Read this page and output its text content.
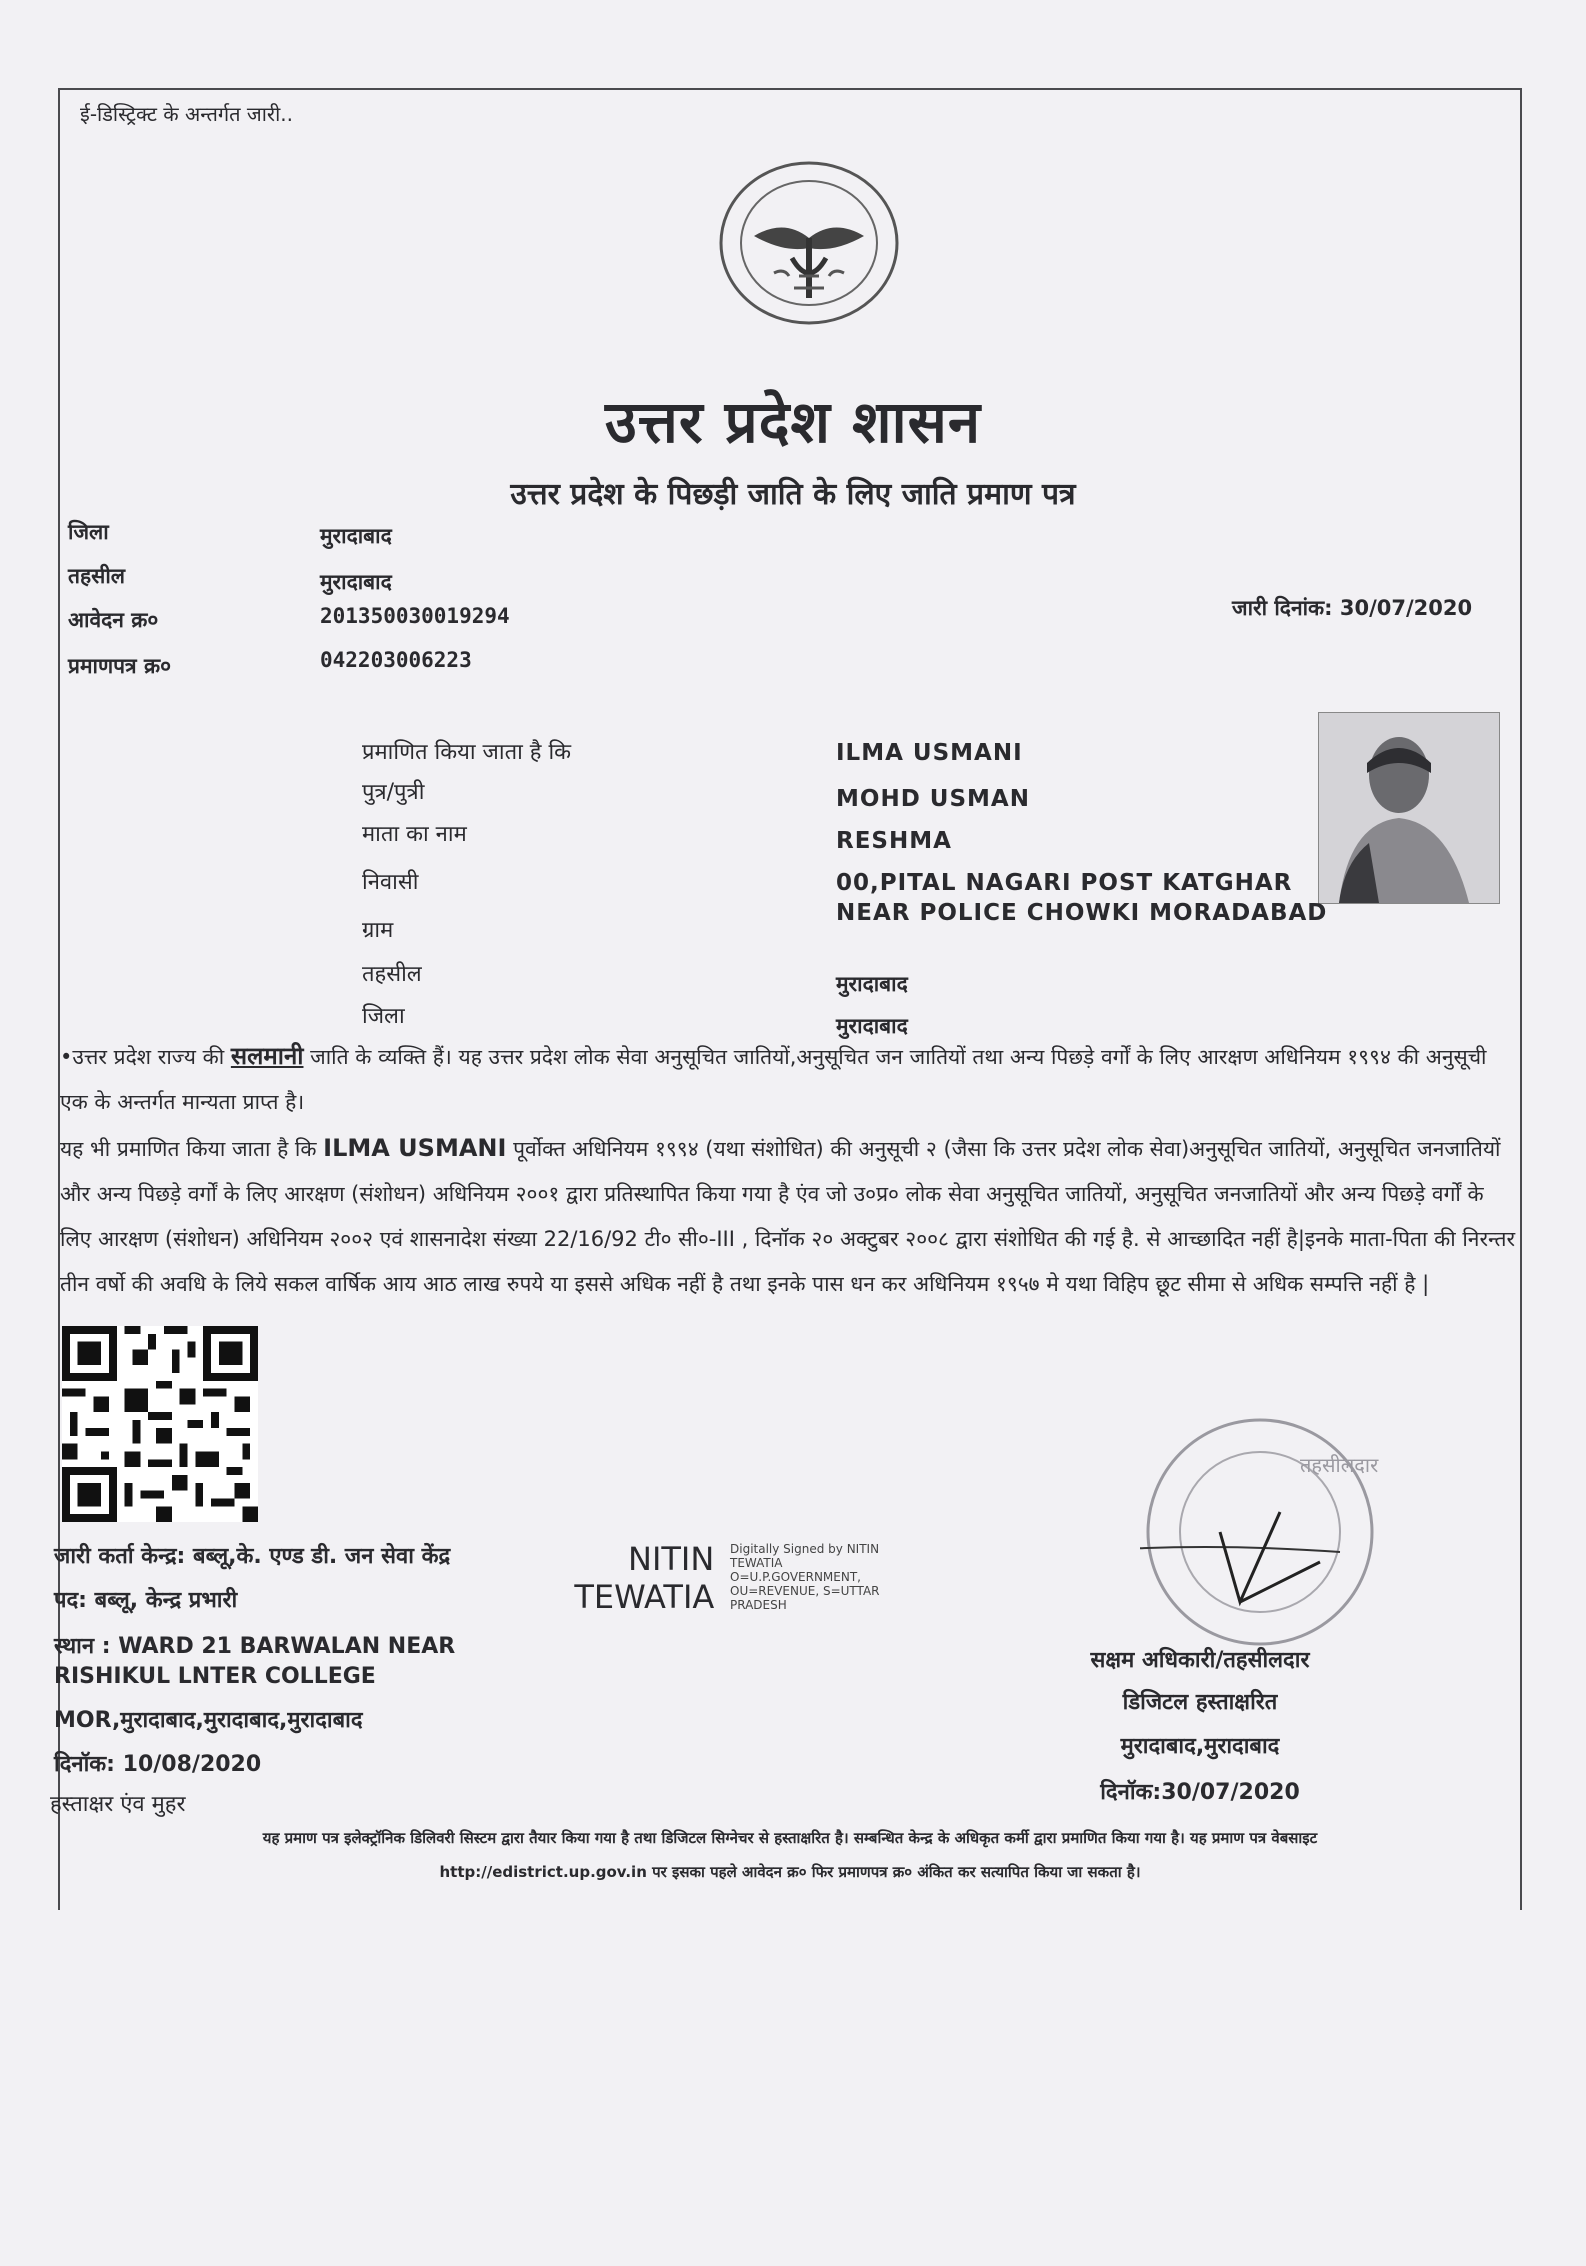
ई-डिस्ट्रिक्ट के अन्तर्गत जारी..
उत्तर प्रदेश शासन
उत्तर प्रदेश के पिछड़ी जाति के लिए जाति प्रमाण पत्र
जिला	मुरादाबाद
तहसील	मुरादाबाद
आवेदन क्र०	201350030019294
प्रमाणपत्र क्र०	042203006223
जारी दिनांक: 30/07/2020
प्रमाणित किया जाता है कि	ILMA USMANI
पुत्र/पुत्री	MOHD USMAN
माता का नाम	RESHMA
निवासी	00,PITAL NAGARI POST KATGHAR
NEAR POLICE CHOWKI MORADABAD
ग्राम
तहसील	मुरादाबाद
जिला	मुरादाबाद
•उत्तर प्रदेश राज्य की सलमानी जाति के व्यक्ति हैं। यह उत्तर प्रदेश लोक सेवा अनुसूचित जातियों,अनुसूचित जन जातियों तथा अन्य पिछड़े वर्गों के लिए आरक्षण अधिनियम १९९४ की अनुसूची एक के अन्तर्गत मान्यता प्राप्त है।
यह भी प्रमाणित किया जाता है कि ILMA USMANI पूर्वोक्त अधिनियम १९९४ (यथा संशोधित) की अनुसूची २ (जैसा कि उत्तर प्रदेश लोक सेवा)अनुसूचित जातियों, अनुसूचित जनजातियों और अन्य पिछड़े वर्गों के लिए आरक्षण (संशोधन) अधिनियम २००१ द्वारा प्रतिस्थापित किया गया है एंव जो उ०प्र० लोक सेवा अनुसूचित जातियों, अनुसूचित जनजातियों और अन्य पिछड़े वर्गों के लिए आरक्षण (संशोधन) अधिनियम २००२ एवं शासनादेश संख्या 22/16/92 टी० सी०-III , दिनॉक २० अक्टुबर २००८ द्वारा संशोधित की गई है. से आच्छादित नहीं है|इनके माता-पिता की निरन्तर तीन वर्षो की अवधि के लिये सकल वार्षिक आय आठ लाख रुपये या इससे अधिक नहीं है तथा इनके पास धन कर अधिनियम १९५७ मे यथा विहिप छूट सीमा से अधिक सम्पत्ति नहीं है |
तहसीलदार
जारी कर्ता केन्द्र: बब्लू,के. एण्ड डी. जन सेवा केंद्र
पद: बब्लू, केन्द्र प्रभारी
स्थान : WARD 21 BARWALAN NEAR
RISHIKUL LNTER COLLEGE
MOR,मुरादाबाद,मुरादाबाद,मुरादाबाद
दिनॉक: 10/08/2020
हस्ताक्षर एंव मुहर
NITIN
TEWATIA
Digitally Signed by NITIN
TEWATIA
O=U.P.GOVERNMENT,
OU=REVENUE, S=UTTAR
PRADESH
सक्षम अधिकारी/तहसीलदार
डिजिटल हस्ताक्षरित
मुरादाबाद,मुरादाबाद
दिनॉक:30/07/2020
यह प्रमाण पत्र इलेक्ट्रॉनिक डिलिवरी सिस्टम द्वारा तैयार किया गया है तथा डिजिटल सिग्नेचर से हस्ताक्षरित है। सम्बन्धित केन्द्र के अधिकृत कर्मी द्वारा प्रमाणित किया गया है। यह प्रमाण पत्र वेबसाइट
http://edistrict.up.gov.in पर इसका पहले आवेदन क्र० फिर प्रमाणपत्र क्र० अंकित कर सत्यापित किया जा सकता है।
